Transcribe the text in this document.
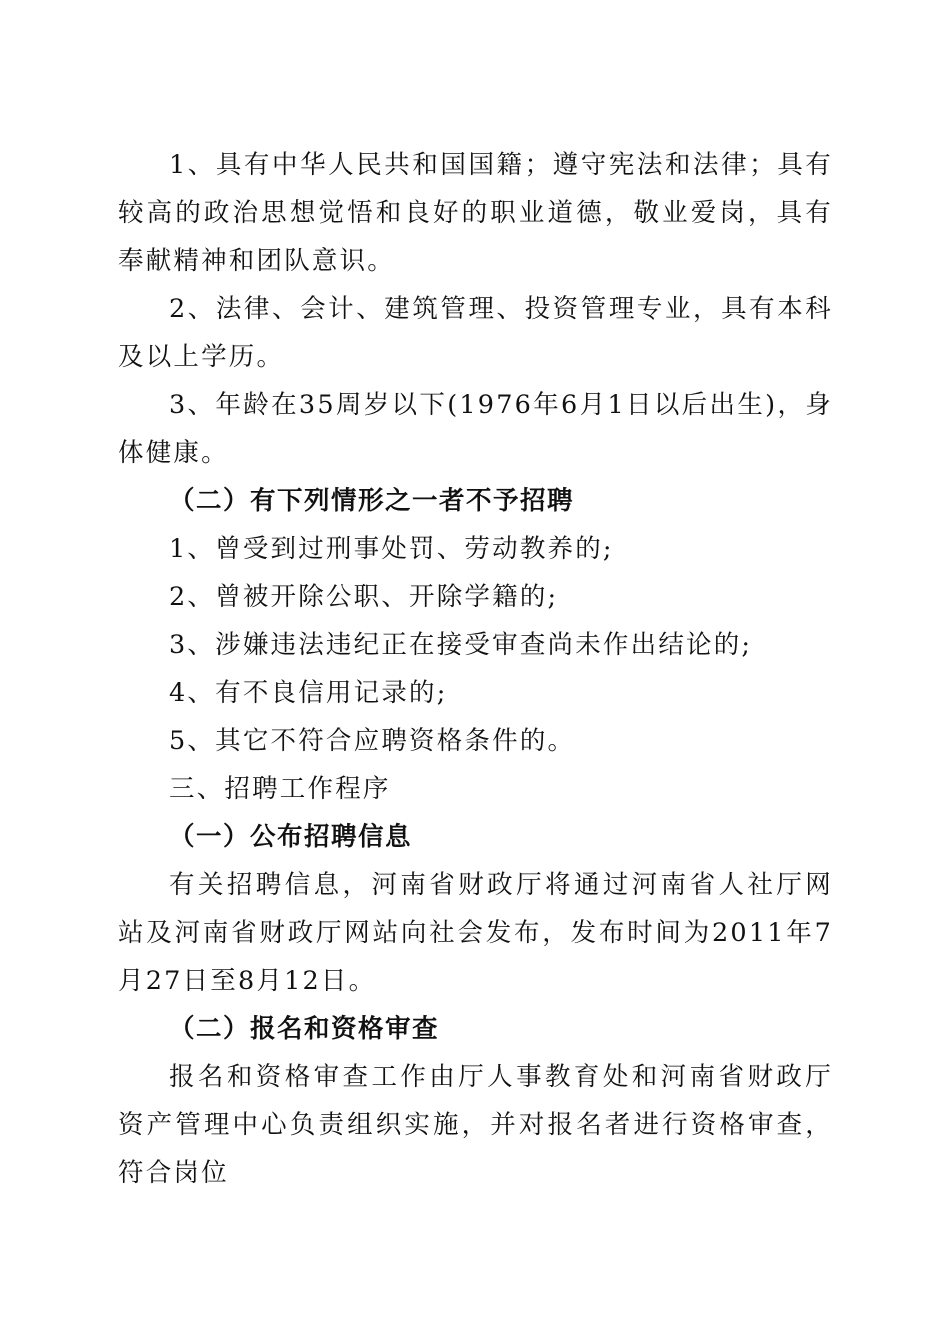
1、具有中华人民共和国国籍；遵守宪法和法律；具有较高的政治思想觉悟和良好的职业道德，敬业爱岗，具有奉献精神和团队意识。

2、法律、会计、建筑管理、投资管理专业，具有本科及以上学历。

3、年龄在35周岁以下(1976年6月1日以后出生)，身体健康。

（二）有下列情形之一者不予招聘

1、曾受到过刑事处罚、劳动教养的;

2、曾被开除公职、开除学籍的;

3、涉嫌违法违纪正在接受审查尚未作出结论的;

4、有不良信用记录的;

5、其它不符合应聘资格条件的。

三、招聘工作程序

（一）公布招聘信息

有关招聘信息，河南省财政厅将通过河南省人社厅网站及河南省财政厅网站向社会发布，发布时间为2011年7月27日至8月12日。

（二）报名和资格审查

报名和资格审查工作由厅人事教育处和河南省财政厅资产管理中心负责组织实施，并对报名者进行资格审查，符合岗位
